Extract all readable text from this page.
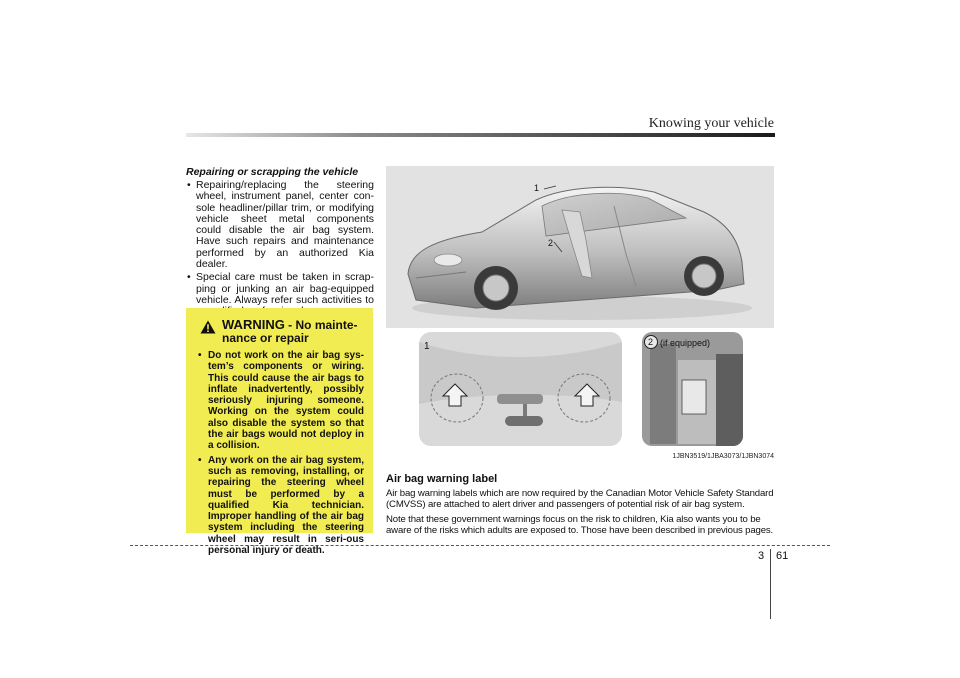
Knowing your vehicle

Repairing or scrapping the vehicle

• Repairing/replacing the steering wheel, instrument panel, center con-sole headliner/pillar trim, or modifying vehicle sheet metal components could disable the air bag system. Have such repairs and maintenance performed by an authorized Kia dealer.
• Special care must be taken in scrap-ping or junking an air bag-equipped vehicle. Always refer such activities to
WARNING - No mainte-nance or repair
• Do not work on the air bag sys-tem’s components or wiring. This could cause the air bags to inflate inadvertently, possibly seriously injuring someone. Working on the system could also disable the system so that the air bags would not deploy in a collision.
• Any work on the air bag system, such as removing, installing, or repairing the steering wheel must be performed by a qualified Kia technician. Improper handling of the air bag system including the steering wheel may result in seri-ous personal injury or death.
1
2
1	2 (if equipped)
1JBN3519/1JBA3073/1JBN3074
Air bag warning label

Air bag warning labels which are now required by the Canadian Motor Vehicle Safety Standard (CMVSS) are attached to alert driver and passengers of potential risk of air bag system.

Note that these government warnings focus on the risk to children, Kia also wants you to be aware of the risks which adults are exposed to. Those have been described in previous pages.

3 61
